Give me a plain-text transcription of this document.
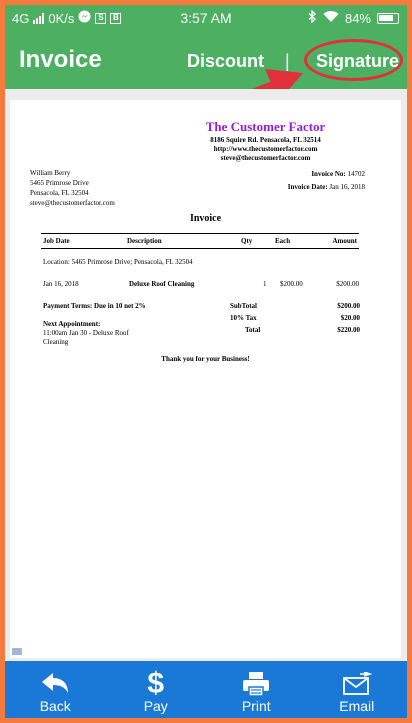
4G 0K/s	S	B	3:57 AM	84%
Invoice	Discount | Signature
The Customer Factor
8186 Squire Rd. Pensacola, FL 32514
http://www.thecustomerfactor.com
steve@thecustomerfactor.com
William Berry
5465 Primrose Drive
Pensacola, FL 32504
steve@thecustomerfactor.com
Invoice No: 14702
Invoice Date: Jan 16, 2018
Invoice
Job Date	Description	Qty	Each	Amount
Location: 5465 Primrose Drive; Pensacola, FL 32504
Jan 16, 2018	Deluxe Roof Cleaning	1 $200.00	$200.00
Payment Terms: Due in 10 net 2%
Next Appointment:
11:00am Jan 30 - Deluxe Roof Cleaning
SubTotal	$200.00
10% Tax	$20.00
Total	$220.00
Thank you for your Business!
Back
$
Pay	Print	Email
